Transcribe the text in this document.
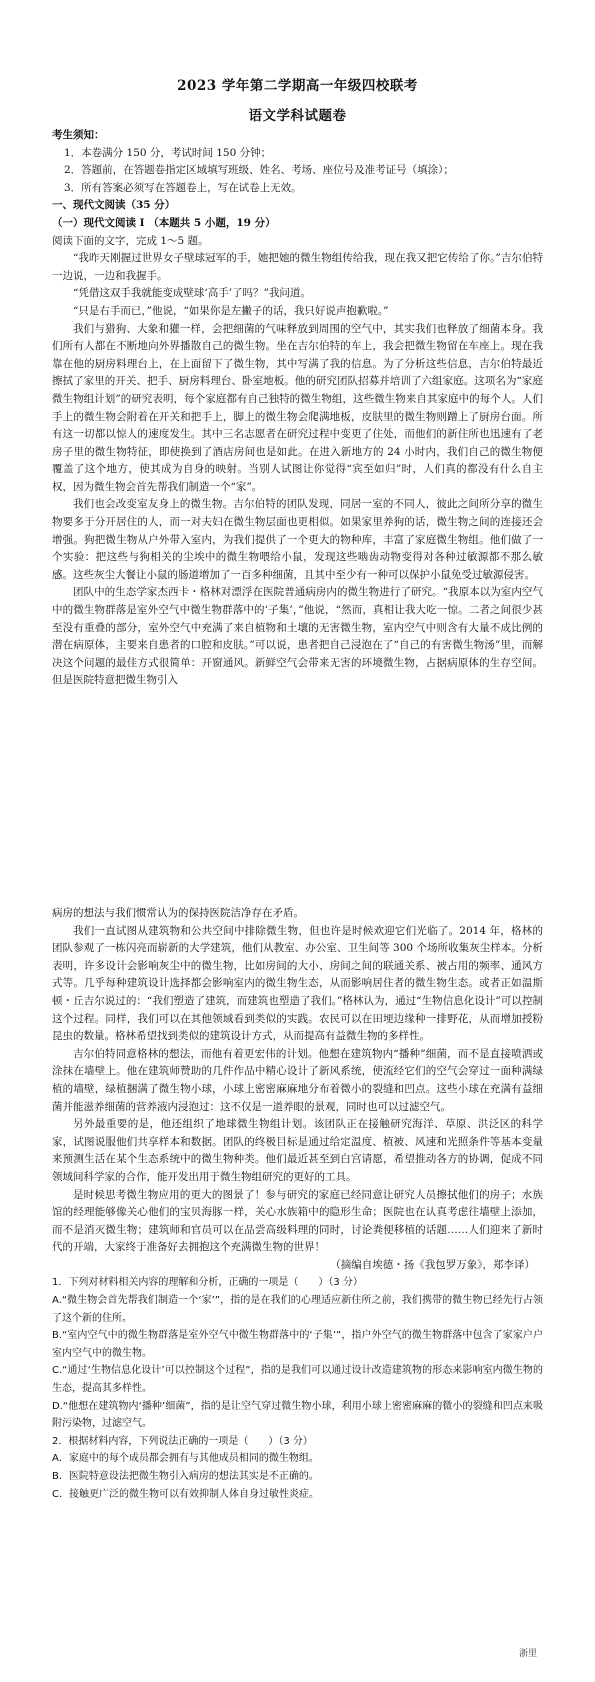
2023 学年第二学期高一年级四校联考
语文学科试题卷

考生须知：

1．本卷满分 150 分，考试时间 150 分钟；

2．答题前，在答题卷指定区域填写班级、姓名、考场、座位号及准考证号（填涂）；

3．所有答案必须写在答题卷上，写在试卷上无效。

一、现代文阅读（35 分）

（一）现代文阅读 I （本题共 5 小题，19 分）

阅读下面的文字，完成 1～5 题。

“我昨天刚握过世界女子壁球冠军的手，她把她的微生物组传给我，现在我又把它传给了你。”吉尔伯特一边说，一边和我握手。

“凭借这双手我就能变成壁球‘高手’了吗？”我问道。

“只是右手而已，”他说，“如果你是左撇子的话，我只好说声抱歉啦。”

我们与猎狗、大象和獾一样，会把细菌的气味释放到周围的空气中，其实我们也释放了细菌本身。我们所有人都在不断地向外界播散自己的微生物。坐在吉尔伯特的车上，我会把微生物留在车座上。现在我靠在他的厨房料理台上，在上面留下了微生物，其中写满了我的信息。为了分析这些信息，吉尔伯特最近擦拭了家里的开关、把手、厨房料理台、卧室地板。他的研究团队招募并培训了六组家庭。这项名为“家庭微生物组计划”的研究表明，每个家庭都有自己独特的微生物组，这些微生物来自其家庭中的每个人。人们手上的微生物会附着在开关和把手上，脚上的微生物会爬满地板，皮肤里的微生物则蹭上了厨房台面。所有这一切都以惊人的速度发生。其中三名志愿者在研究过程中变更了住处，而他们的新住所也迅速有了老房子里的微生物特征，即使换到了酒店房间也是如此。在进入新地方的 24 小时内，我们自己的微生物便覆盖了这个地方，使其成为自身的映射。当别人试图让你觉得“宾至如归”时，人们真的都没有什么自主权，因为微生物会首先帮我们制造一个“家”。

我们也会改变室友身上的微生物。吉尔伯特的团队发现，同居一室的不同人，彼此之间所分享的微生物要多于分开居住的人，而一对夫妇在微生物层面也更相似。如果家里养狗的话，微生物之间的连接还会增强。狗把微生物从户外带入室内，为我们提供了一个更大的物种库，丰富了家庭微生物组。他们做了一个实验：把这些与狗相关的尘埃中的微生物喂给小鼠，发现这些啮齿动物变得对各种过敏源都不那么敏感。这些灰尘大餐让小鼠的肠道增加了一百多种细菌，且其中至少有一种可以保护小鼠免受过敏源侵害。

团队中的生态学家杰西卡・格林对漂浮在医院普通病房内的微生物进行了研究。“我原本以为室内空气中的微生物群落是室外空气中微生物群落中的‘子集’，”他说，“然而，真相让我大吃一惊。二者之间很少甚至没有重叠的部分，室外空气中充满了来自植物和土壤的无害微生物，室内空气中则含有大量不成比例的潜在病原体，主要来自患者的口腔和皮肤。”可以说，患者把自己浸泡在了“自己的有害微生物汤”里，而解决这个问题的最佳方式很简单：开窗通风。新鲜空气会带来无害的环境微生物，占据病原体的生存空间。但是医院特意把微生物引入

病房的想法与我们惯常认为的保持医院洁净存在矛盾。

我们一直试图从建筑物和公共空间中排除微生物，但也许是时候欢迎它们光临了。2014 年，格林的团队参观了一栋闪亮而崭新的大学建筑，他们从教室、办公室、卫生间等 300 个场所收集灰尘样本。分析表明，许多设计会影响灰尘中的微生物，比如房间的大小、房间之间的联通关系、被占用的频率、通风方式等。几乎每种建筑设计选择都会影响室内的微生物生态，从而影响居住者的微生物生态。或者正如温斯顿・丘吉尔说过的：“我们塑造了建筑，而建筑也塑造了我们。”格林认为，通过“生物信息化设计”可以控制这个过程。同样，我们可以在其他领域看到类似的实践。农民可以在田埂边缘种一排野花，从而增加授粉昆虫的数量。格林希望找到类似的建筑设计方式，从而提高有益微生物的多样性。

吉尔伯特同意格林的想法，而他有着更宏伟的计划。他想在建筑物内“播种”细菌，而不是直接喷洒或涂抹在墙壁上。他在建筑师赞助的几件作品中精心设计了新风系统，使流经它们的空气会穿过一面种满绿植的墙壁，绿植捆满了微生物小球，小球上密密麻麻地分布着微小的裂缝和凹点。这些小球在充满有益细菌并能滋养细菌的营养液内浸泡过：这不仅是一道养眼的景观，同时也可以过滤空气。

另外最重要的是，他还组织了地球微生物组计划。该团队正在接触研究海洋、草原、洪泛区的科学家，试图说服他们共享样本和数据。团队的终极目标是通过给定温度、植被、风速和光照条件等基本变量来预测生活在某个生态系统中的微生物种类。他们最近甚至到白宫请愿，希望推动各方的协调，促成不同领域间科学家的合作，能开发出用于微生物组研究的更好的工具。

是时候思考微生物应用的更大的图景了！参与研究的家庭已经同意让研究人员擦拭他们的房子；水族馆的经理能够像关心他们的宝贝海豚一样，关心水族箱中的隐形生命；医院也在认真考虑往墙壁上添加，而不是消灭微生物；建筑师和官员可以在品尝高级料理的同时，讨论粪便移植的话题……人们迎来了新时代的开端，大家终于准备好去拥抱这个充满微生物的世界！

（摘编自埃德・扬《我包罗万象》，郑李译）

1．下列对材料相关内容的理解和分析，正确的一项是（　　）（3 分）

A.“微生物会首先帮我们制造一个‘家’”，指的是在我们的心理适应新住所之前，我们携带的微生物已经先行占领了这个新的住所。

B.“室内空气中的微生物群落是室外空气中微生物群落中的‘子集’”，指户外空气的微生物群落中包含了家家户户室内空气中的微生物。

C.“通过‘生物信息化设计’可以控制这个过程”，指的是我们可以通过设计改造建筑物的形态来影响室内微生物的生态，提高其多样性。

D.“他想在建筑物内‘播种’细菌”，指的是让空气穿过微生物小球，利用小球上密密麻麻的微小的裂缝和凹点来吸附污染物，过滤空气。

2．根据材料内容，下列说法正确的一项是（　　）（3 分）

A．家庭中的每个成员都会拥有与其他成员相同的微生物组。

B．医院特意设法把微生物引入病房的想法其实是不正确的。

C．接触更广泛的微生物可以有效抑制人体自身过敏性炎症。

浙里
